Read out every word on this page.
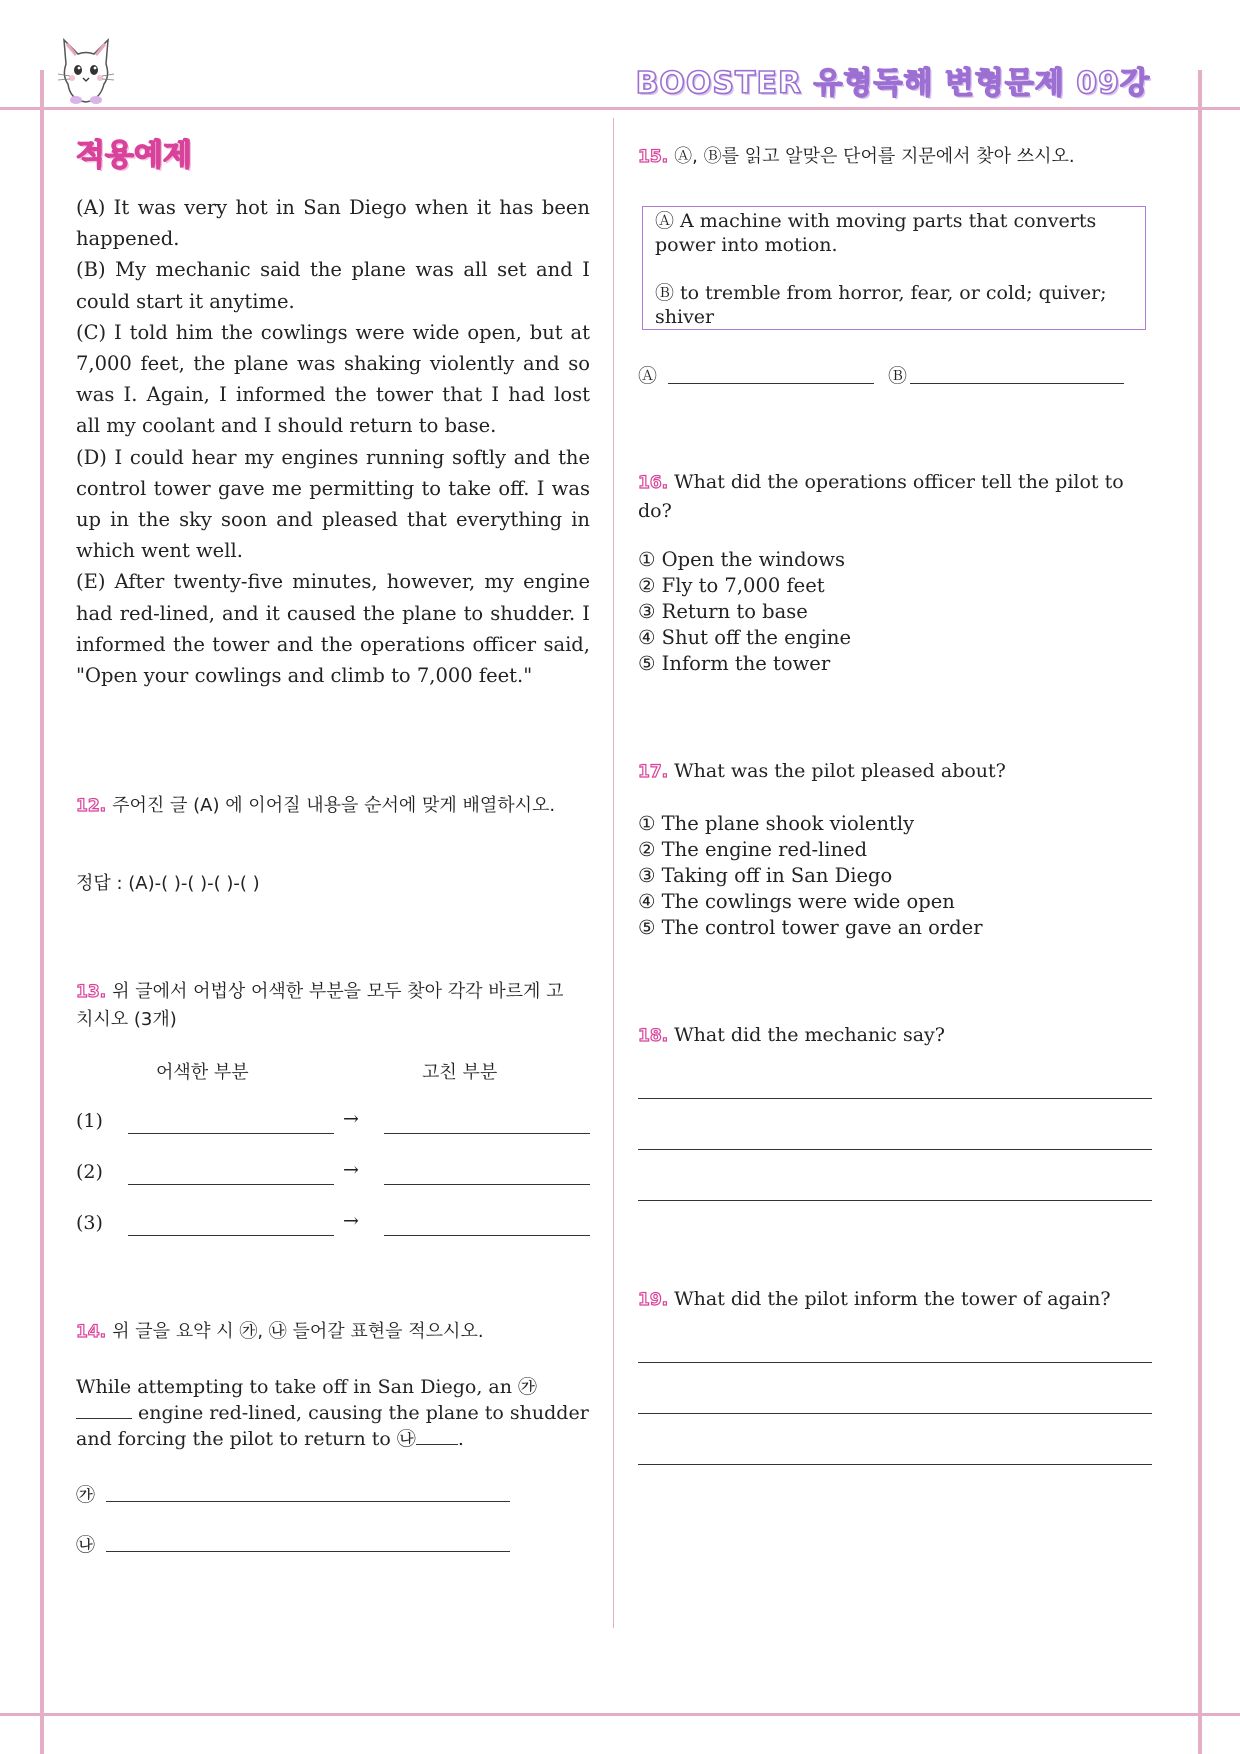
BOOSTER 유형독해 변형문제 09강
적용예제

(A) It was very hot in San Diego when it has been happened.

(B) My mechanic said the plane was all set and I could start it anytime.

(C) I told him the cowlings were wide open, but at 7,000 feet, the plane was shaking violently and so was I. Again, I informed the tower that I had lost all my coolant and I should return to base.

(D) I could hear my engines running softly and the control tower gave me permitting to take off. I was up in the sky soon and pleased that everything in which went well.

(E) After twenty-five minutes, however, my engine had red-lined, and it caused the plane to shudder. I informed the tower and the operations officer said, "Open your cowlings and climb to 7,000 feet."

12. 주어진 글 (A) 에 이어질 내용을 순서에 맞게 배열하시오.
정답 : (A)-( )-( )-( )-( )
13. 위 글에서 어법상 어색한 부분을 모두 찾아 각각 바르게 고치시오 (3개)
어색한 부분	고친 부분
(1)	→
(2)	→
(3)	→
14. 위 글을 요약 시 ㉮, ㉯ 들어갈 표현을 적으시오.
While attempting to take off in San Diego, an ㉮ engine red-lined, causing the plane to shudder and forcing the pilot to return to ㉯ .
㉮
㉯
15. Ⓐ, Ⓑ를 읽고 알맞은 단어를 지문에서 찾아 쓰시오.

Ⓐ A machine with moving parts that converts power into motion.

Ⓑ to tremble from horror, fear, or cold; quiver; shiver

Ⓐ	Ⓑ
16. What did the operations officer tell the pilot to do?
① Open the windows
② Fly to 7,000 feet
③ Return to base
④ Shut off the engine
⑤ Inform the tower
17. What was the pilot pleased about?
① The plane shook violently
② The engine red-lined
③ Taking off in San Diego
④ The cowlings were wide open
⑤ The control tower gave an order
18. What did the mechanic say?
19. What did the pilot inform the tower of again?
